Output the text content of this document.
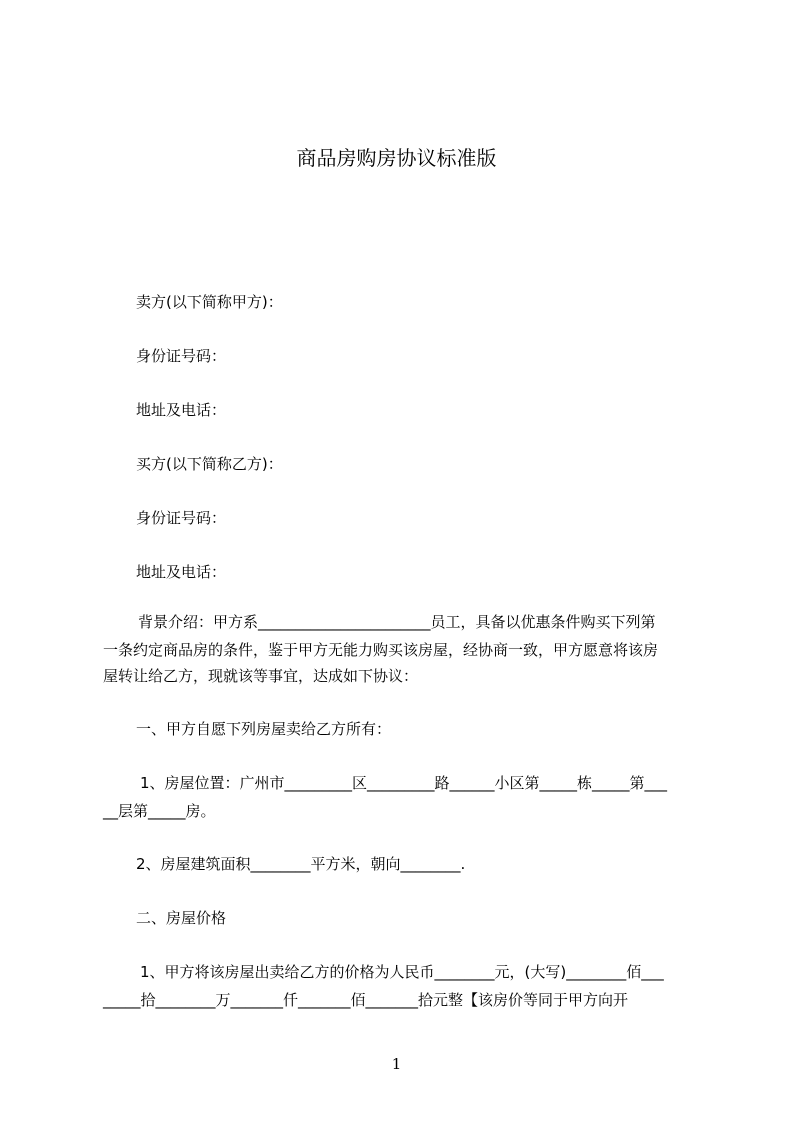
商品房购房协议标准版

卖方(以下简称甲方)：

身份证号码：

地址及电话：

买方(以下简称乙方)：

身份证号码：

地址及电话：

背景介绍：甲方系_______________________员工，具备以优惠条件购买下列第

一条约定商品房的条件，鉴于甲方无能力购买该房屋，经协商一致，甲方愿意将该房

屋转让给乙方，现就该等事宜，达成如下协议：

一、甲方自愿下列房屋卖给乙方所有：

1、房屋位置：广州市_________区_________路______小区第_____栋_____第___

__层第_____房。

2、房屋建筑面积________平方米，朝向________.

二、房屋价格

1、甲方将该房屋出卖给乙方的价格为人民币________元，(大写)________佰___

_____拾________万_______仟_______佰_______拾元整【该房价等同于甲方向开

1
